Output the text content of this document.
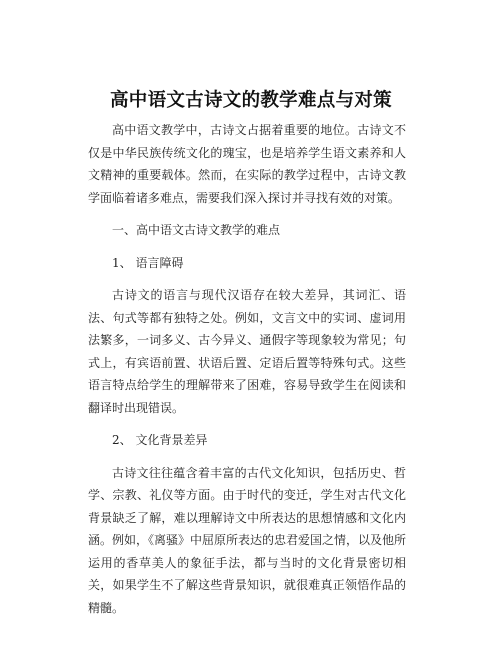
高中语文古诗文的教学难点与对策

高中语文教学中，古诗文占据着重要的地位。古诗文不仅是中华民族传统文化的瑰宝，也是培养学生语文素养和人文精神的重要载体。然而，在实际的教学过程中，古诗文教学面临着诸多难点，需要我们深入探讨并寻找有效的对策。

一、高中语文古诗文教学的难点

1、 语言障碍

古诗文的语言与现代汉语存在较大差异，其词汇、语法、句式等都有独特之处。例如，文言文中的实词、虚词用法繁多，一词多义、古今异义、通假字等现象较为常见；句式上，有宾语前置、状语后置、定语后置等特殊句式。这些语言特点给学生的理解带来了困难，容易导致学生在阅读和翻译时出现错误。

2、 文化背景差异

古诗文往往蕴含着丰富的古代文化知识，包括历史、哲学、宗教、礼仪等方面。由于时代的变迁，学生对古代文化背景缺乏了解，难以理解诗文中所表达的思想情感和文化内涵。例如，《离骚》中屈原所表达的忠君爱国之情，以及他所运用的香草美人的象征手法，都与当时的文化背景密切相关，如果学生不了解这些背景知识，就很难真正领悟作品的精髓。
